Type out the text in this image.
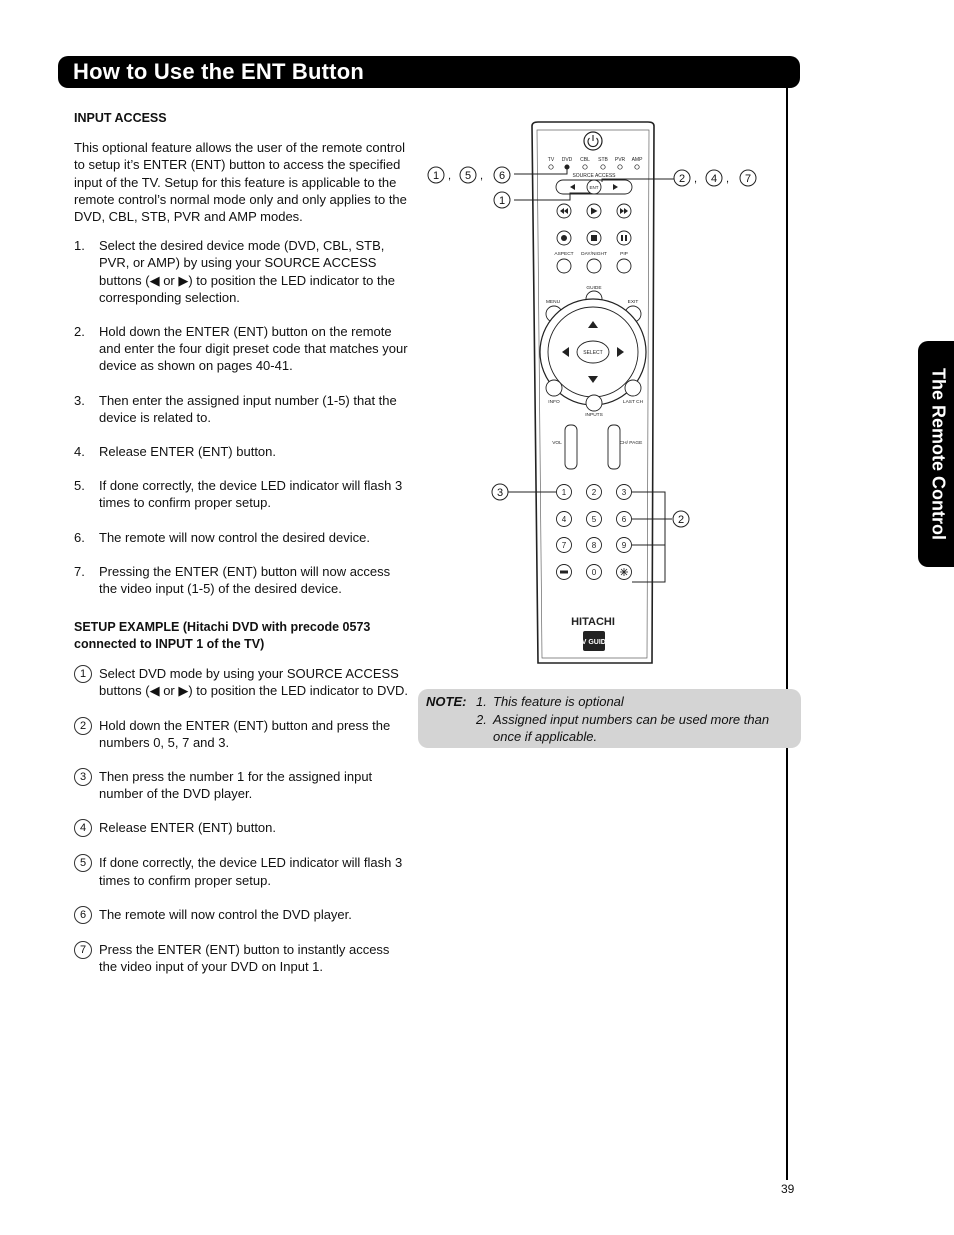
How to Use the ENT Button
The Remote Control
INPUT ACCESS
This optional feature allows the user of the remote control to setup it’s ENTER (ENT) button to access the specified input of the TV. Setup for this feature is applicable to the remote control’s normal mode only and only applies to the DVD, CBL, STB, PVR and AMP modes.
1.	Select the desired device mode (DVD, CBL, STB, PVR, or AMP) by using your SOURCE ACCESS buttons (◀ or ▶) to position the LED indicator to the corresponding selection.
2.	Hold down the ENTER (ENT) button on the remote and enter the four digit preset code that matches your device as shown on pages 40-41.
3.	Then enter the assigned input number (1-5) that the device is related to.
4.	Release ENTER (ENT) button.
5.	If done correctly, the device LED indicator will flash 3 times to confirm proper setup.
6.	The remote will now control the desired device.
7.	Pressing the ENTER (ENT) button will now access the video input (1-5) of the desired device.
SETUP EXAMPLE (Hitachi DVD with precode 0573 connected to INPUT 1 of the TV)
1 Select DVD mode by using your SOURCE ACCESS buttons (◀ or ▶) to position the LED indicator to DVD.
2 Hold down the ENTER (ENT) button and press the numbers 0, 5, 7 and 3.
3 Then press the number 1 for the assigned input number of the DVD player.
4 Release ENTER (ENT) button.
5 If done correctly, the device LED indicator will flash 3 times to confirm proper setup.
6 The remote will now control the DVD player.
7 Press the ENTER (ENT) button to instantly access the video input of your DVD on Input 1.
TV DVD CBL STB PVR AMP
SOURCE ACCESS
ENT
ASPECT DAY/NIGHT	PIP
GUIDE
MENU	EXIT
SELECT
INFO	LAST CH
INPUTS
VOL	CH/ PAGE
1	2	3
4	5	6
7	8	9
0
HITACHI
TV GUIDE
1 , 5 , 6
1
2 , 4 , 7
3
2
NOTE: 1. This feature is optional
2. Assigned input numbers can be used more than once if applicable.
39
